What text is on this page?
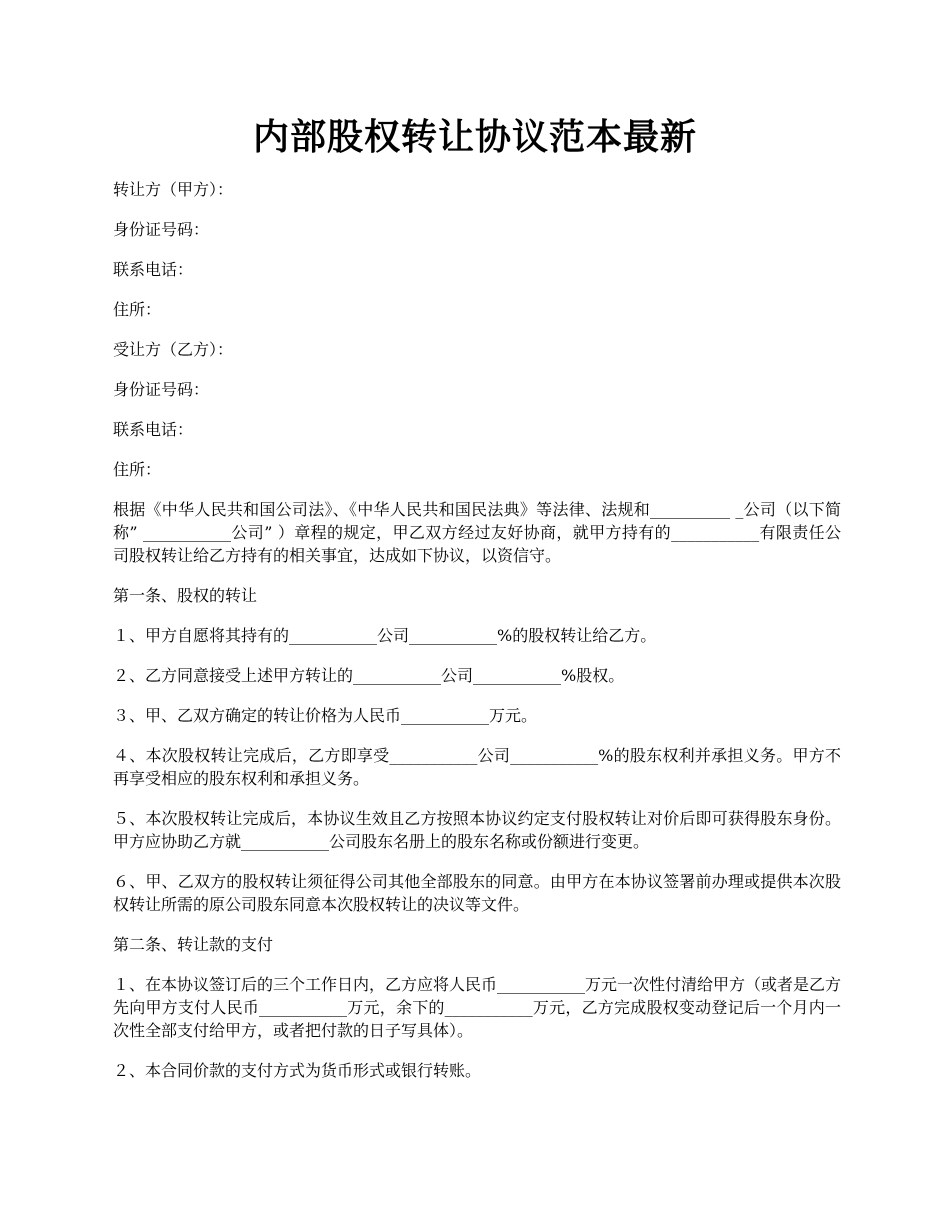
内部股权转让协议范本最新

转让方（甲方）：

身份证号码：

联系电话：

住所：

受让方（乙方）：

身份证号码：

联系电话：

住所：

根据《中华人民共和国公司法》、《中华人民共和国民法典》等法律、法规和__________ _公司（以下简称” ___________公司” ）章程的规定，甲乙双方经过友好协商，就甲方持有的___________有限责任公司股权转让给乙方持有的相关事宜，达成如下协议，以资信守。

第一条、股权的转让

１、甲方自愿将其持有的___________公司___________%的股权转让给乙方。

２、乙方同意接受上述甲方转让的___________公司___________%股权。

３、甲、乙双方确定的转让价格为人民币___________万元。

４、本次股权转让完成后，乙方即享受___________公司___________%的股东权利并承担义务。甲方不再享受相应的股东权利和承担义务。

５、本次股权转让完成后，本协议生效且乙方按照本协议约定支付股权转让对价后即可获得股东身份。甲方应协助乙方就___________公司股东名册上的股东名称或份额进行变更。

６、甲、乙双方的股权转让须征得公司其他全部股东的同意。由甲方在本协议签署前办理或提供本次股权转让所需的原公司股东同意本次股权转让的决议等文件。

第二条、转让款的支付

１、在本协议签订后的三个工作日内，乙方应将人民币___________万元一次性付清给甲方（或者是乙方先向甲方支付人民币___________万元，余下的___________万元，乙方完成股权变动登记后一个月内一次性全部支付给甲方，或者把付款的日子写具体）。

２、本合同价款的支付方式为货币形式或银行转账。
